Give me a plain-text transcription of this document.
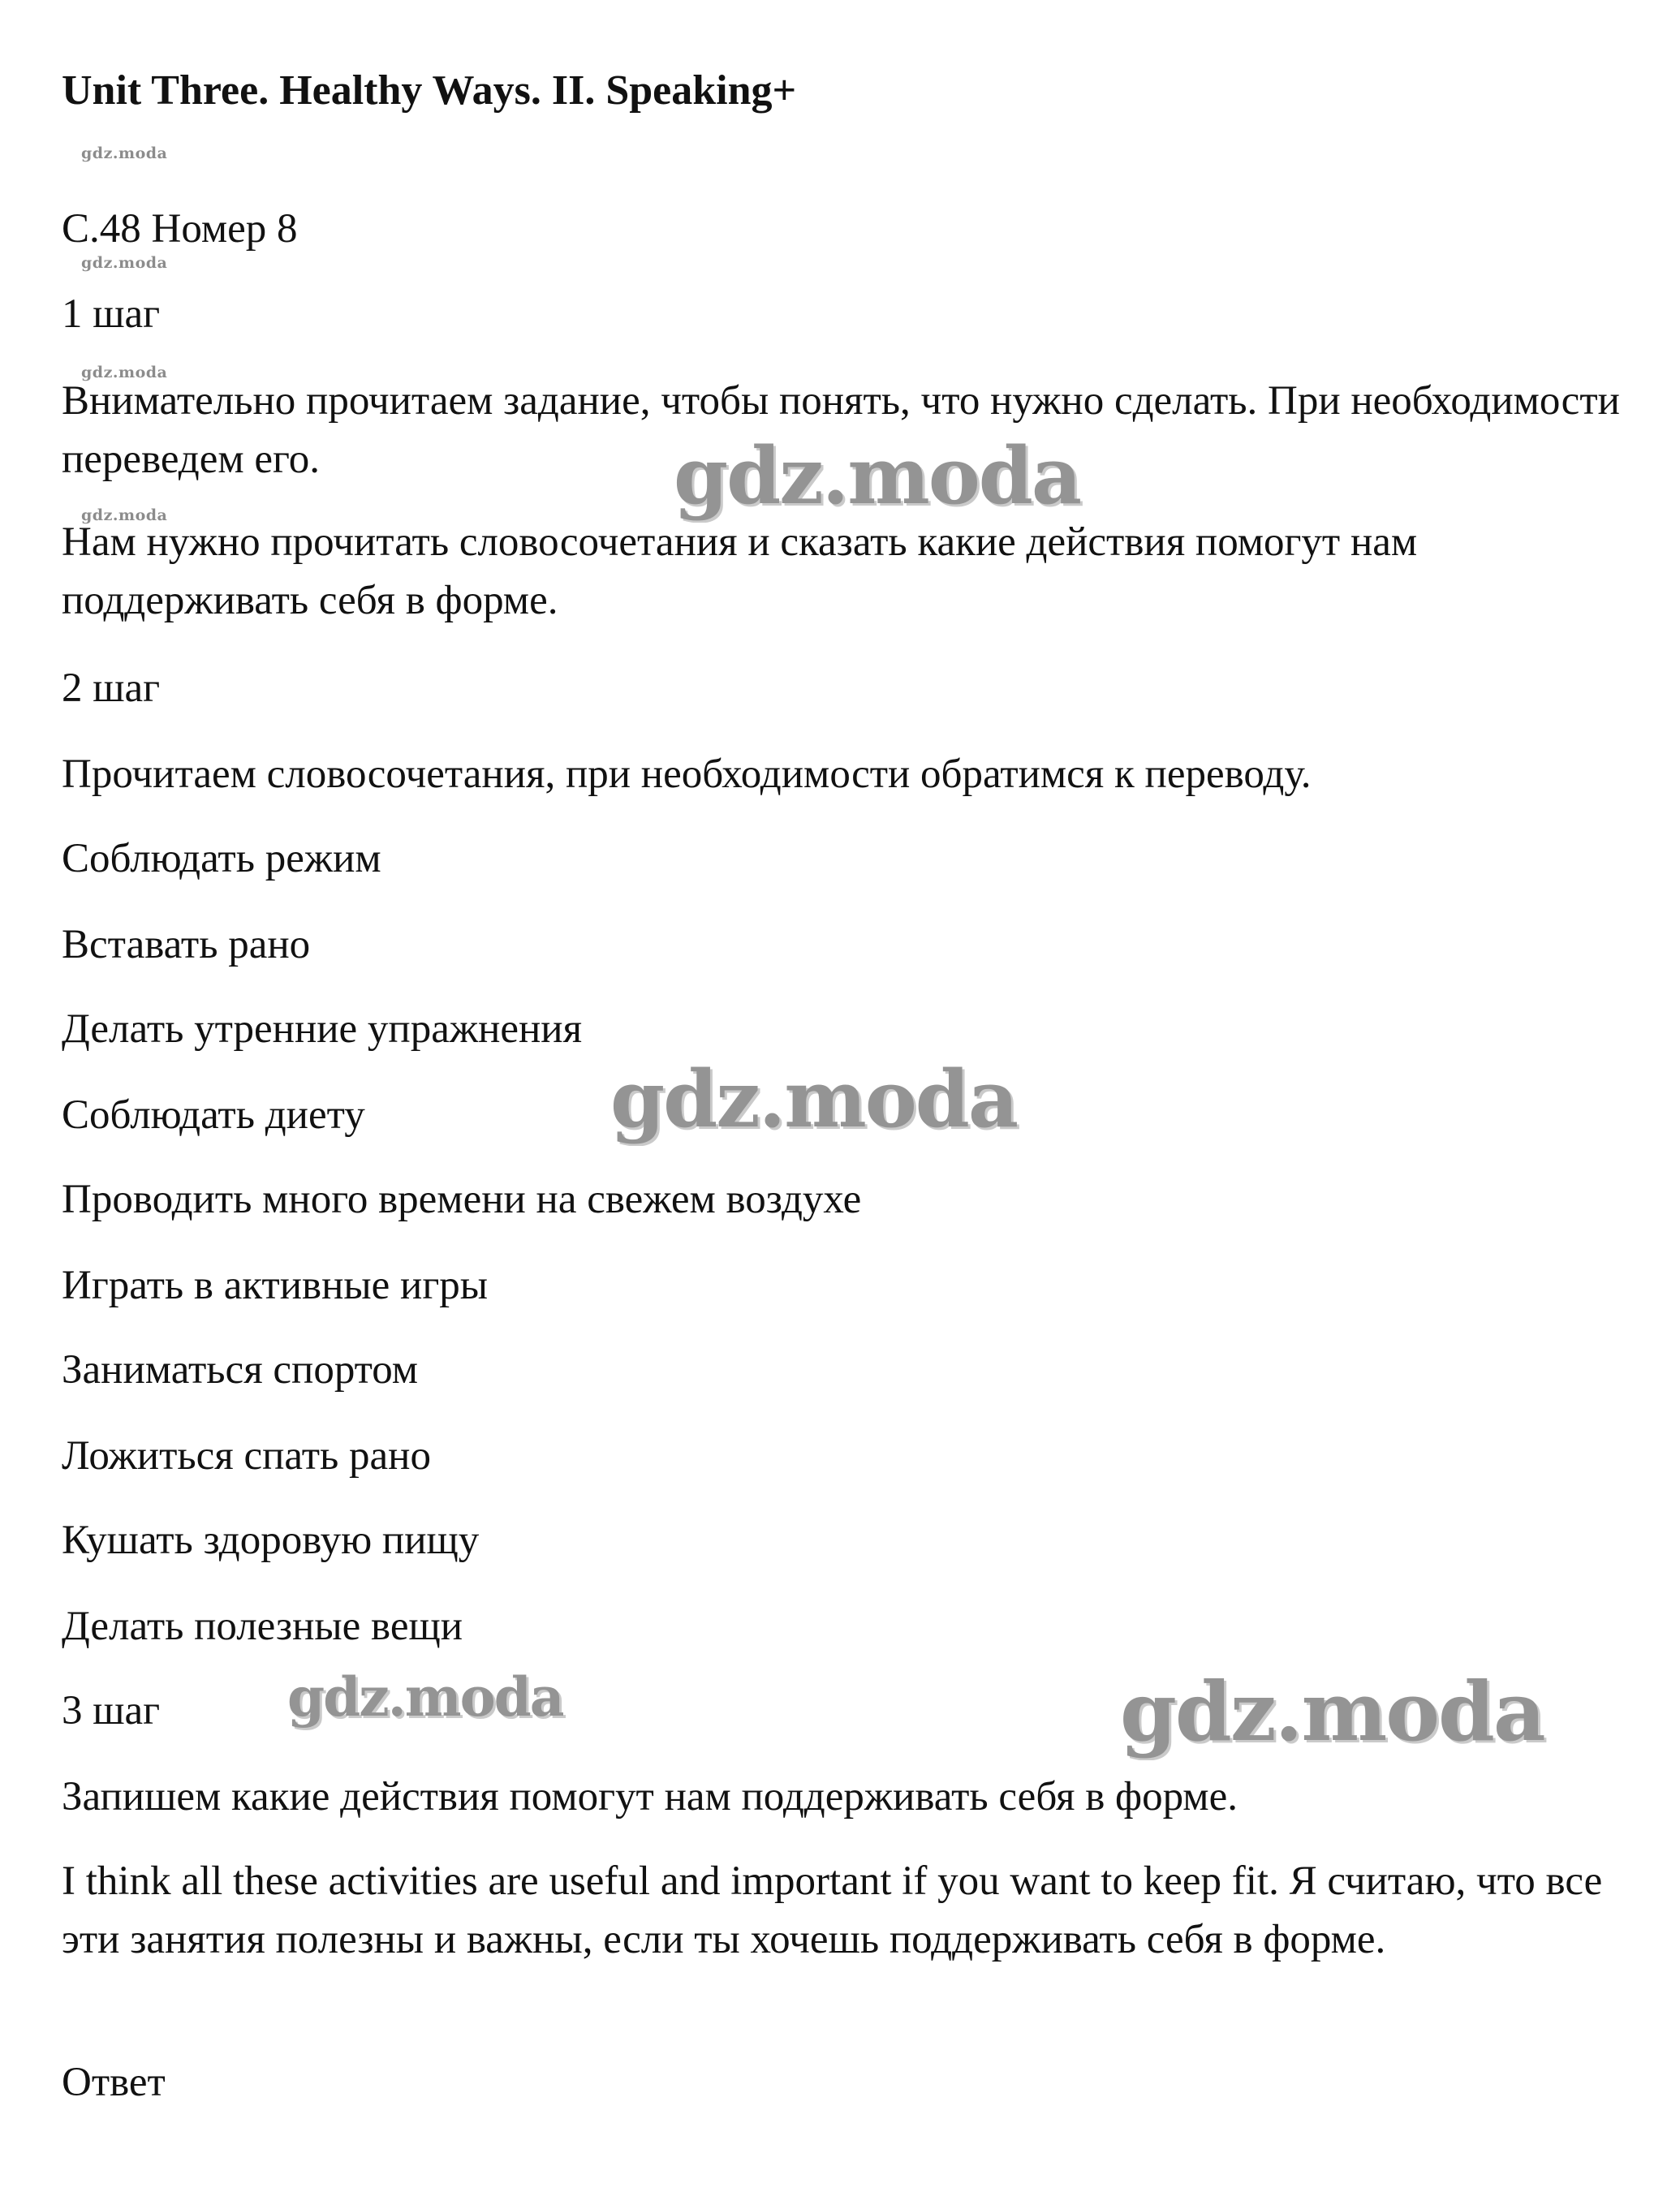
Unit Three. Healthy Ways. II. Speaking+
gdz.moda
С.48 Номер 8
gdz.moda
1 шаг
gdz.moda
Внимательно прочитаем задание, чтобы понять, что нужно сделать. При необходимости переведем его.
gdz.moda
Нам нужно прочитать словосочетания и сказать какие действия помогут нам поддерживать себя в форме.
2 шаг
Прочитаем словосочетания, при необходимости обратимся к переводу.
Соблюдать режим
Вставать рано
Делать утренние упражнения
Соблюдать диету
Проводить много времени на свежем воздухе
Играть в активные игры
Заниматься спортом
Ложиться спать рано
Кушать здоровую пищу
Делать полезные вещи
3 шаг
Запишем какие действия помогут нам поддерживать себя в форме.
I think all these activities are useful and important if you want to keep fit. Я считаю, что все эти занятия полезны и важны, если ты хочешь поддерживать себя в форме.
Ответ
gdz.moda
gdz.moda
gdz.moda	gdz.moda
